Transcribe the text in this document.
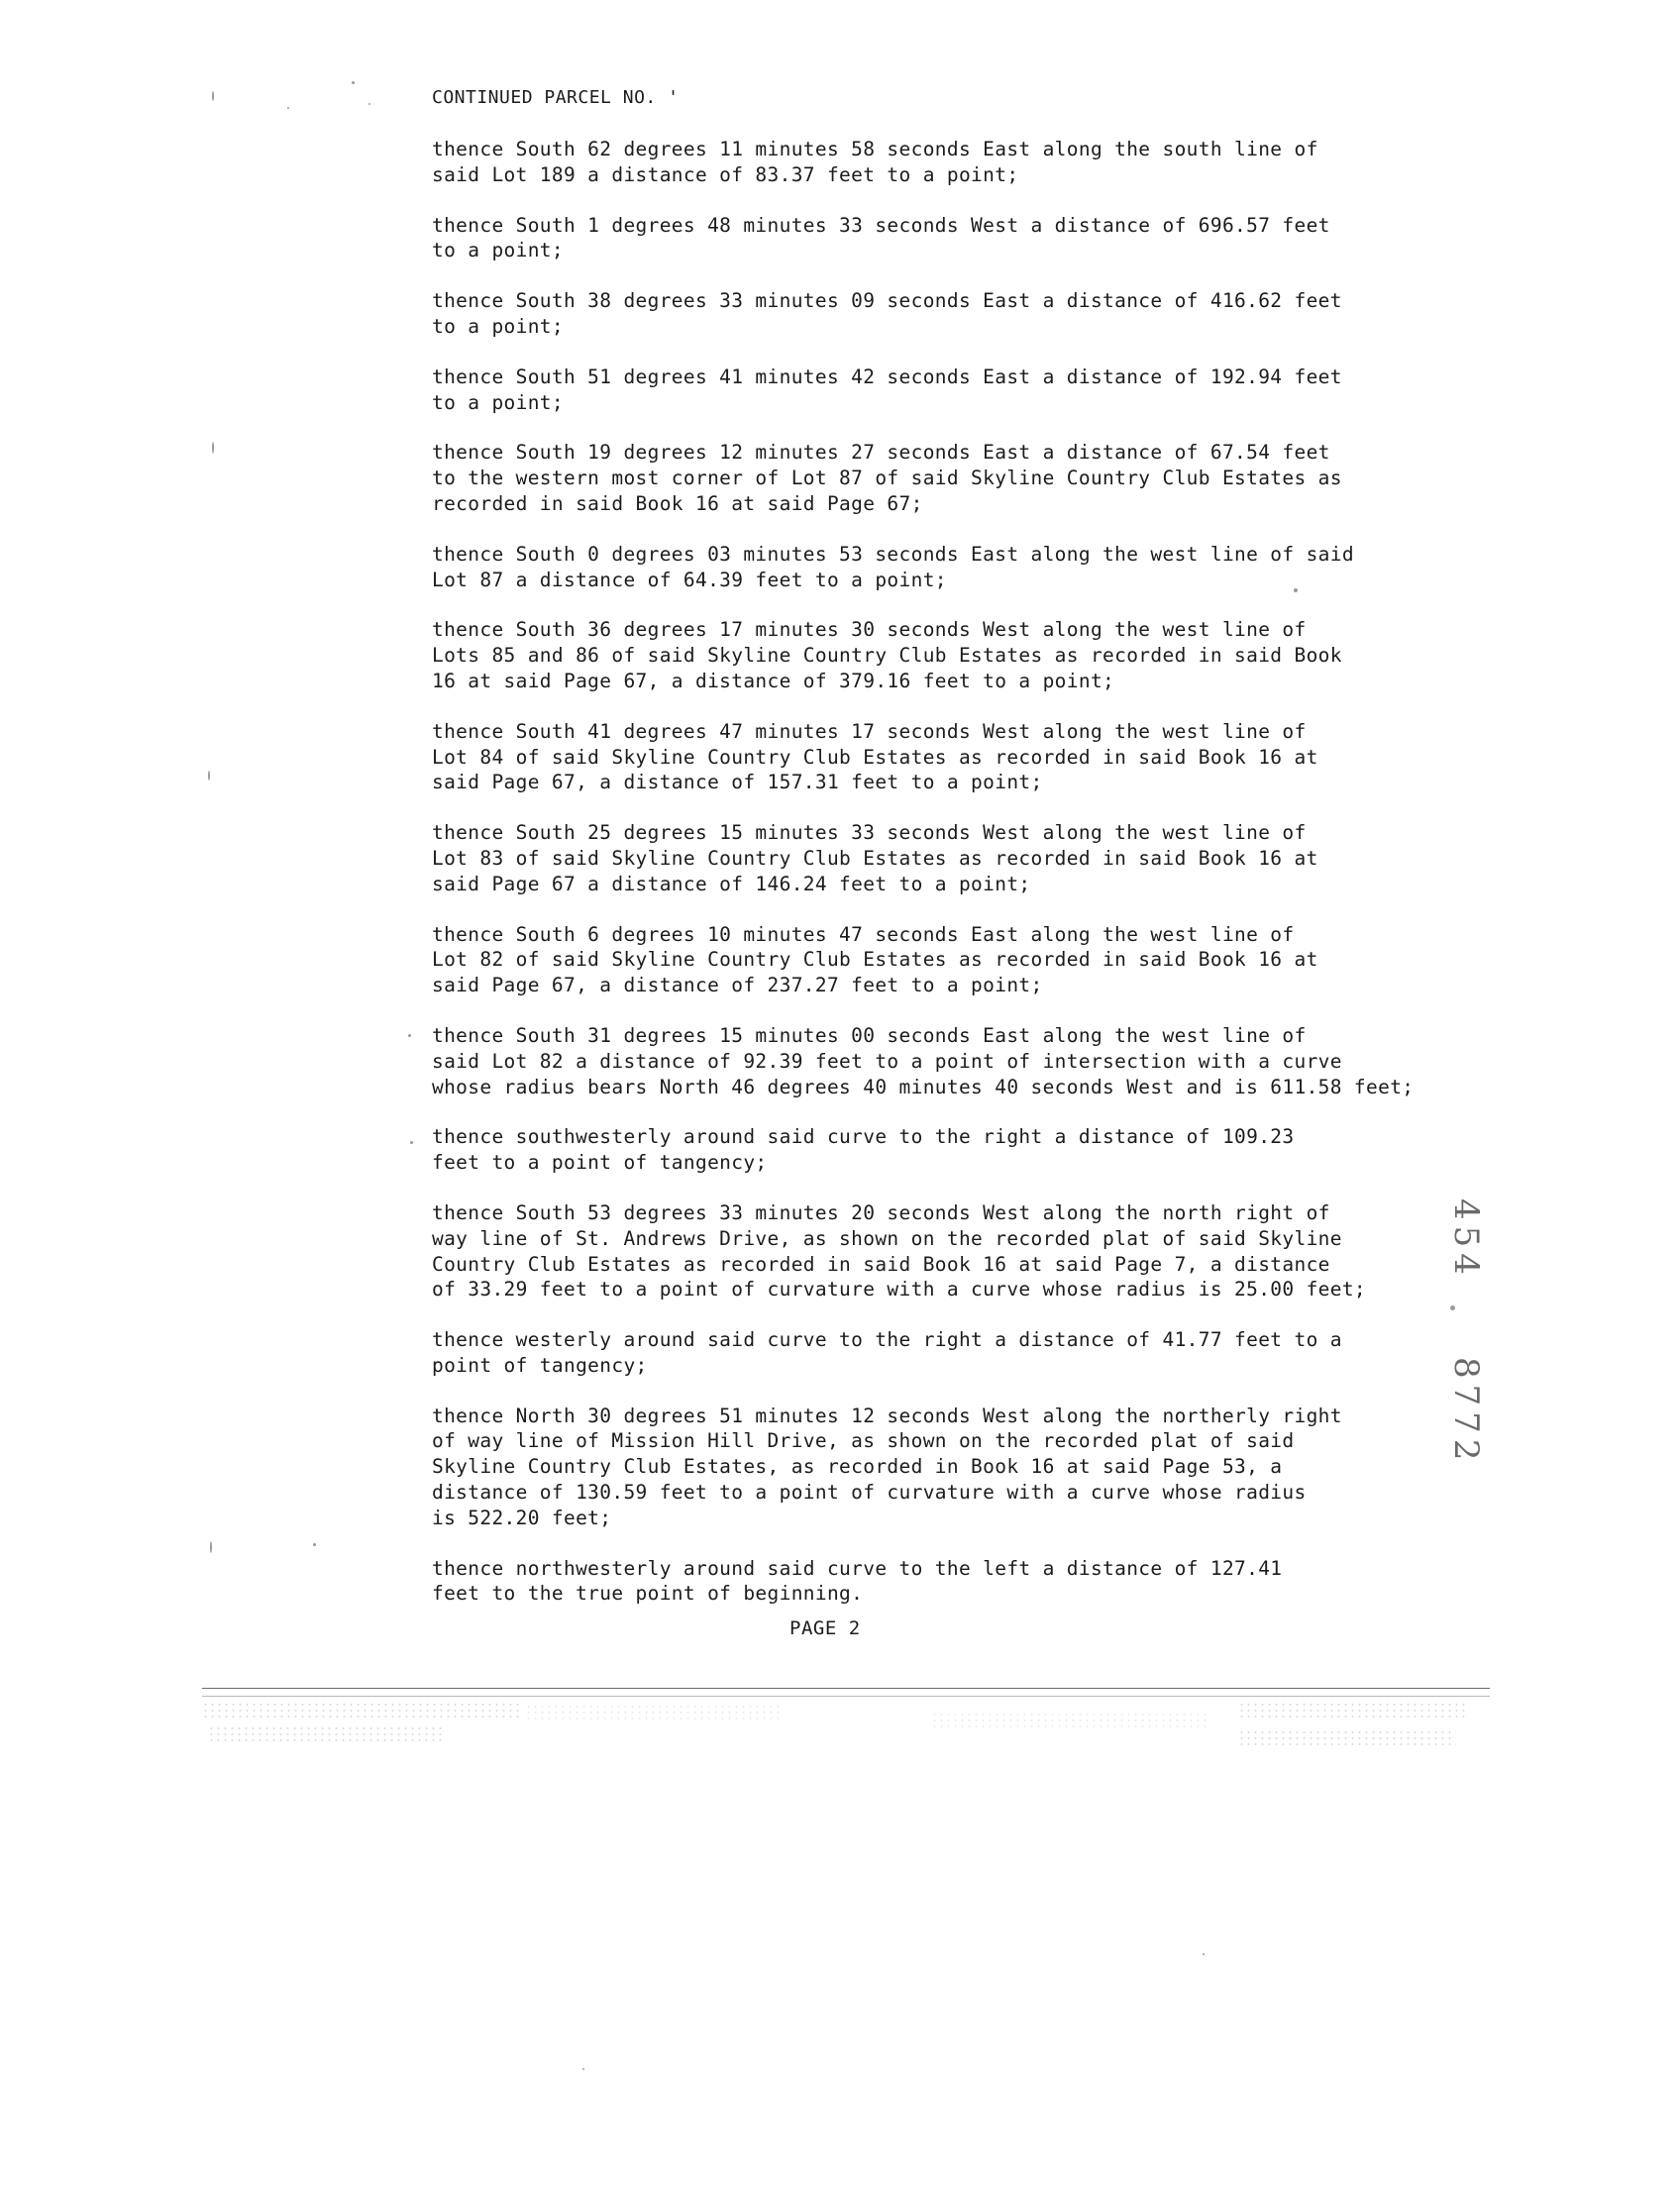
CONTINUED PARCEL NO. '

thence South 62 degrees 11 minutes 58 seconds East along the south line of
said Lot 189 a distance of 83.37 feet to a point;

thence South 1 degrees 48 minutes 33 seconds West a distance of 696.57 feet
to a point;

thence South 38 degrees 33 minutes 09 seconds East a distance of 416.62 feet
to a point;

thence South 51 degrees 41 minutes 42 seconds East a distance of 192.94 feet
to a point;

thence South 19 degrees 12 minutes 27 seconds East a distance of 67.54 feet
to the western most corner of Lot 87 of said Skyline Country Club Estates as
recorded in said Book 16 at said Page 67;

thence South 0 degrees 03 minutes 53 seconds East along the west line of said
Lot 87 a distance of 64.39 feet to a point;

thence South 36 degrees 17 minutes 30 seconds West along the west line of
Lots 85 and 86 of said Skyline Country Club Estates as recorded in said Book
16 at said Page 67, a distance of 379.16 feet to a point;

thence South 41 degrees 47 minutes 17 seconds West along the west line of
Lot 84 of said Skyline Country Club Estates as recorded in said Book 16 at
said Page 67, a distance of 157.31 feet to a point;

thence South 25 degrees 15 minutes 33 seconds West along the west line of
Lot 83 of said Skyline Country Club Estates as recorded in said Book 16 at
said Page 67 a distance of 146.24 feet to a point;

thence South 6 degrees 10 minutes 47 seconds East along the west line of
Lot 82 of said Skyline Country Club Estates as recorded in said Book 16 at
said Page 67, a distance of 237.27 feet to a point;

thence South 31 degrees 15 minutes 00 seconds East along the west line of
said Lot 82 a distance of 92.39 feet to a point of intersection with a curve
whose radius bears North 46 degrees 40 minutes 40 seconds West and is 611.58 feet;

thence southwesterly around said curve to the right a distance of 109.23
feet to a point of tangency;

thence South 53 degrees 33 minutes 20 seconds West along the north right of
way line of St. Andrews Drive, as shown on the recorded plat of said Skyline
Country Club Estates as recorded in said Book 16 at said Page 7, a distance
of 33.29 feet to a point of curvature with a curve whose radius is 25.00 feet;

thence westerly around said curve to the right a distance of 41.77 feet to a
point of tangency;

thence North 30 degrees 51 minutes 12 seconds West along the northerly right
of way line of Mission Hill Drive, as shown on the recorded plat of said
Skyline Country Club Estates, as recorded in Book 16 at said Page 53, a
distance of 130.59 feet to a point of curvature with a curve whose radius
is 522.20 feet;

thence northwesterly around said curve to the left a distance of 127.41
feet to the true point of beginning.

PAGE 2
454
8772
